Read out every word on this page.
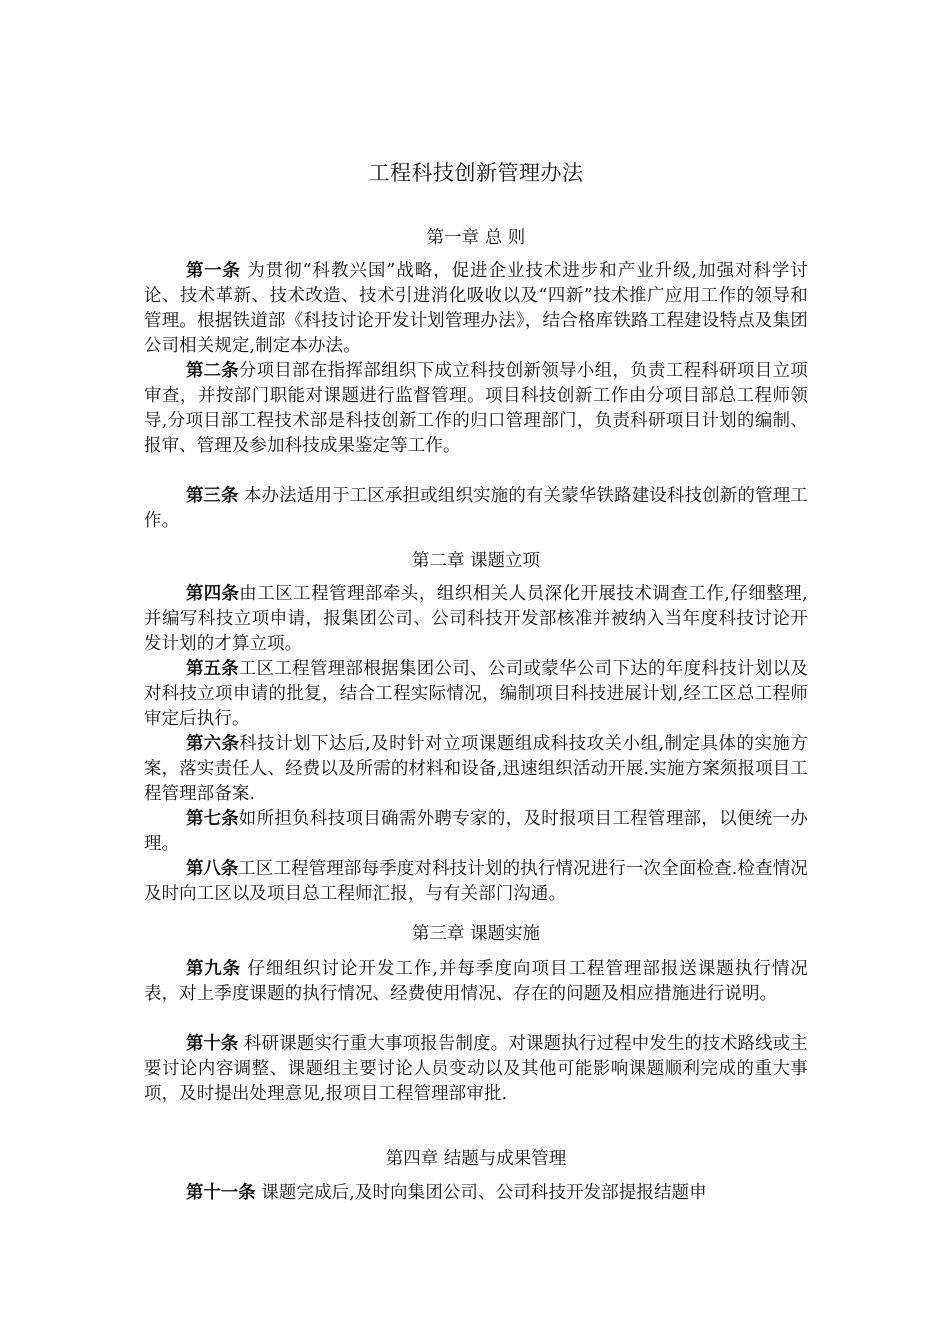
工程科技创新管理办法
第一章 总 则

第一条 为贯彻“科教兴国”战略，促进企业技术进步和产业升级,加强对科学讨论、技术革新、技术改造、技术引进消化吸收以及“四新”技术推广应用工作的领导和管理。根据铁道部《科技讨论开发计划管理办法》，结合格库铁路工程建设特点及集团公司相关规定,制定本办法。

第二条分项目部在指挥部组织下成立科技创新领导小组，负责工程科研项目立项审查，并按部门职能对课题进行监督管理。项目科技创新工作由分项目部总工程师领导,分项目部工程技术部是科技创新工作的归口管理部门，负责科研项目计划的编制、报审、管理及参加科技成果鉴定等工作。

第三条 本办法适用于工区承担或组织实施的有关蒙华铁路建设科技创新的管理工作。

第二章 课题立项

第四条由工区工程管理部牵头，组织相关人员深化开展技术调查工作,仔细整理,并编写科技立项申请，报集团公司、公司科技开发部核准并被纳入当年度科技讨论开发计划的才算立项。

第五条工区工程管理部根据集团公司、公司或蒙华公司下达的年度科技计划以及对科技立项申请的批复，结合工程实际情况，编制项目科技进展计划,经工区总工程师审定后执行。

第六条科技计划下达后,及时针对立项课题组成科技攻关小组,制定具体的实施方案，落实责任人、经费以及所需的材料和设备,迅速组织活动开展.实施方案须报项目工程管理部备案.

第七条如所担负科技项目确需外聘专家的，及时报项目工程管理部，以便统一办理。

第八条工区工程管理部每季度对科技计划的执行情况进行一次全面检查.检查情况及时向工区以及项目总工程师汇报，与有关部门沟通。

第三章 课题实施

第九条 仔细组织讨论开发工作,并每季度向项目工程管理部报送课题执行情况表，对上季度课题的执行情况、经费使用情况、存在的问题及相应措施进行说明。

第十条 科研课题实行重大事项报告制度。对课题执行过程中发生的技术路线或主要讨论内容调整、课题组主要讨论人员变动以及其他可能影响课题顺利完成的重大事项，及时提出处理意见,报项目工程管理部审批.

第四章 结题与成果管理

第十一条 课题完成后,及时向集团公司、公司科技开发部提报结题申
